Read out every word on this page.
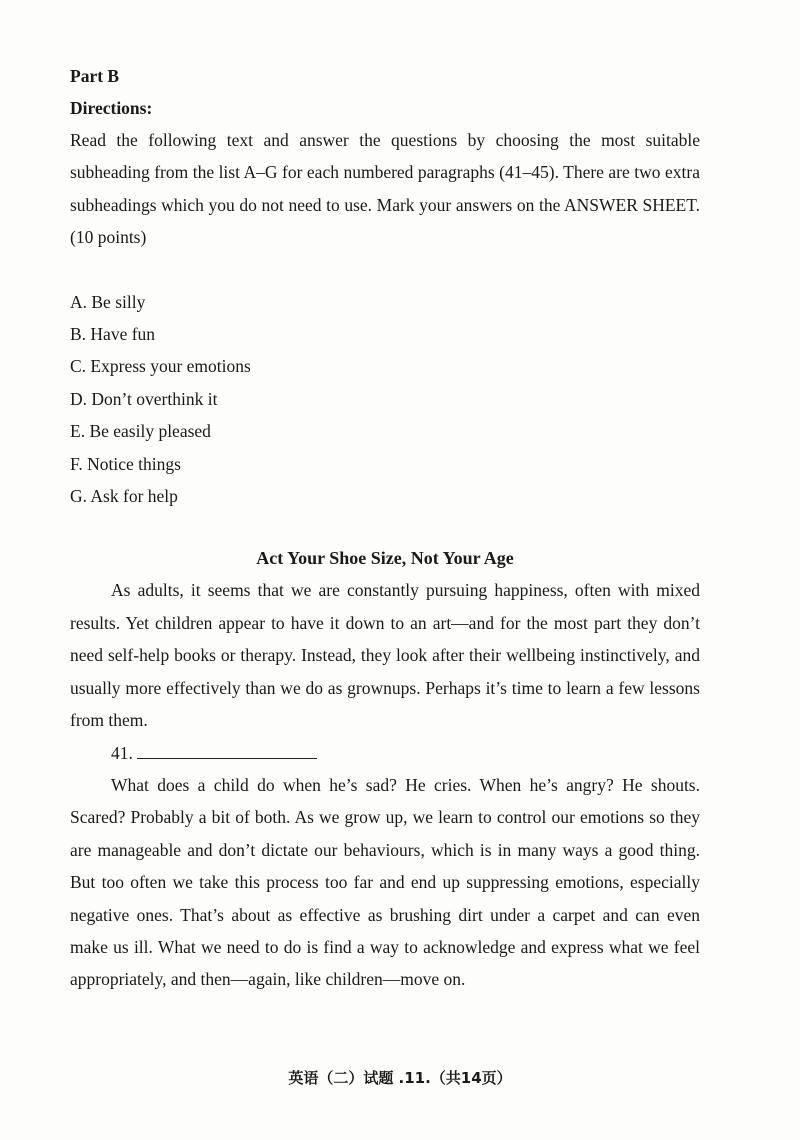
Part B
Directions:
Read the following text and answer the questions by choosing the most suitable subheading from the list A–G for each numbered paragraphs (41–45). There are two extra subheadings which you do not need to use. Mark your answers on the ANSWER SHEET. (10 points)
A. Be silly
B. Have fun
C. Express your emotions
D. Don’t overthink it
E. Be easily pleased
F. Notice things
G. Ask for help
Act Your Shoe Size, Not Your Age

As adults, it seems that we are constantly pursuing happiness, often with mixed results. Yet children appear to have it down to an art—and for the most part they don’t need self-help books or therapy. Instead, they look after their wellbeing instinctively, and usually more effectively than we do as grownups. Perhaps it’s time to learn a few lessons from them.

41.

What does a child do when he’s sad? He cries. When he’s angry? He shouts. Scared? Probably a bit of both. As we grow up, we learn to control our emotions so they are manageable and don’t dictate our behaviours, which is in many ways a good thing. But too often we take this process too far and end up suppressing emotions, especially negative ones. That’s about as effective as brushing dirt under a carpet and can even make us ill. What we need to do is find a way to acknowledge and express what we feel appropriately, and then—again, like children—move on.

英语（二）试题 .11.（共14页）
